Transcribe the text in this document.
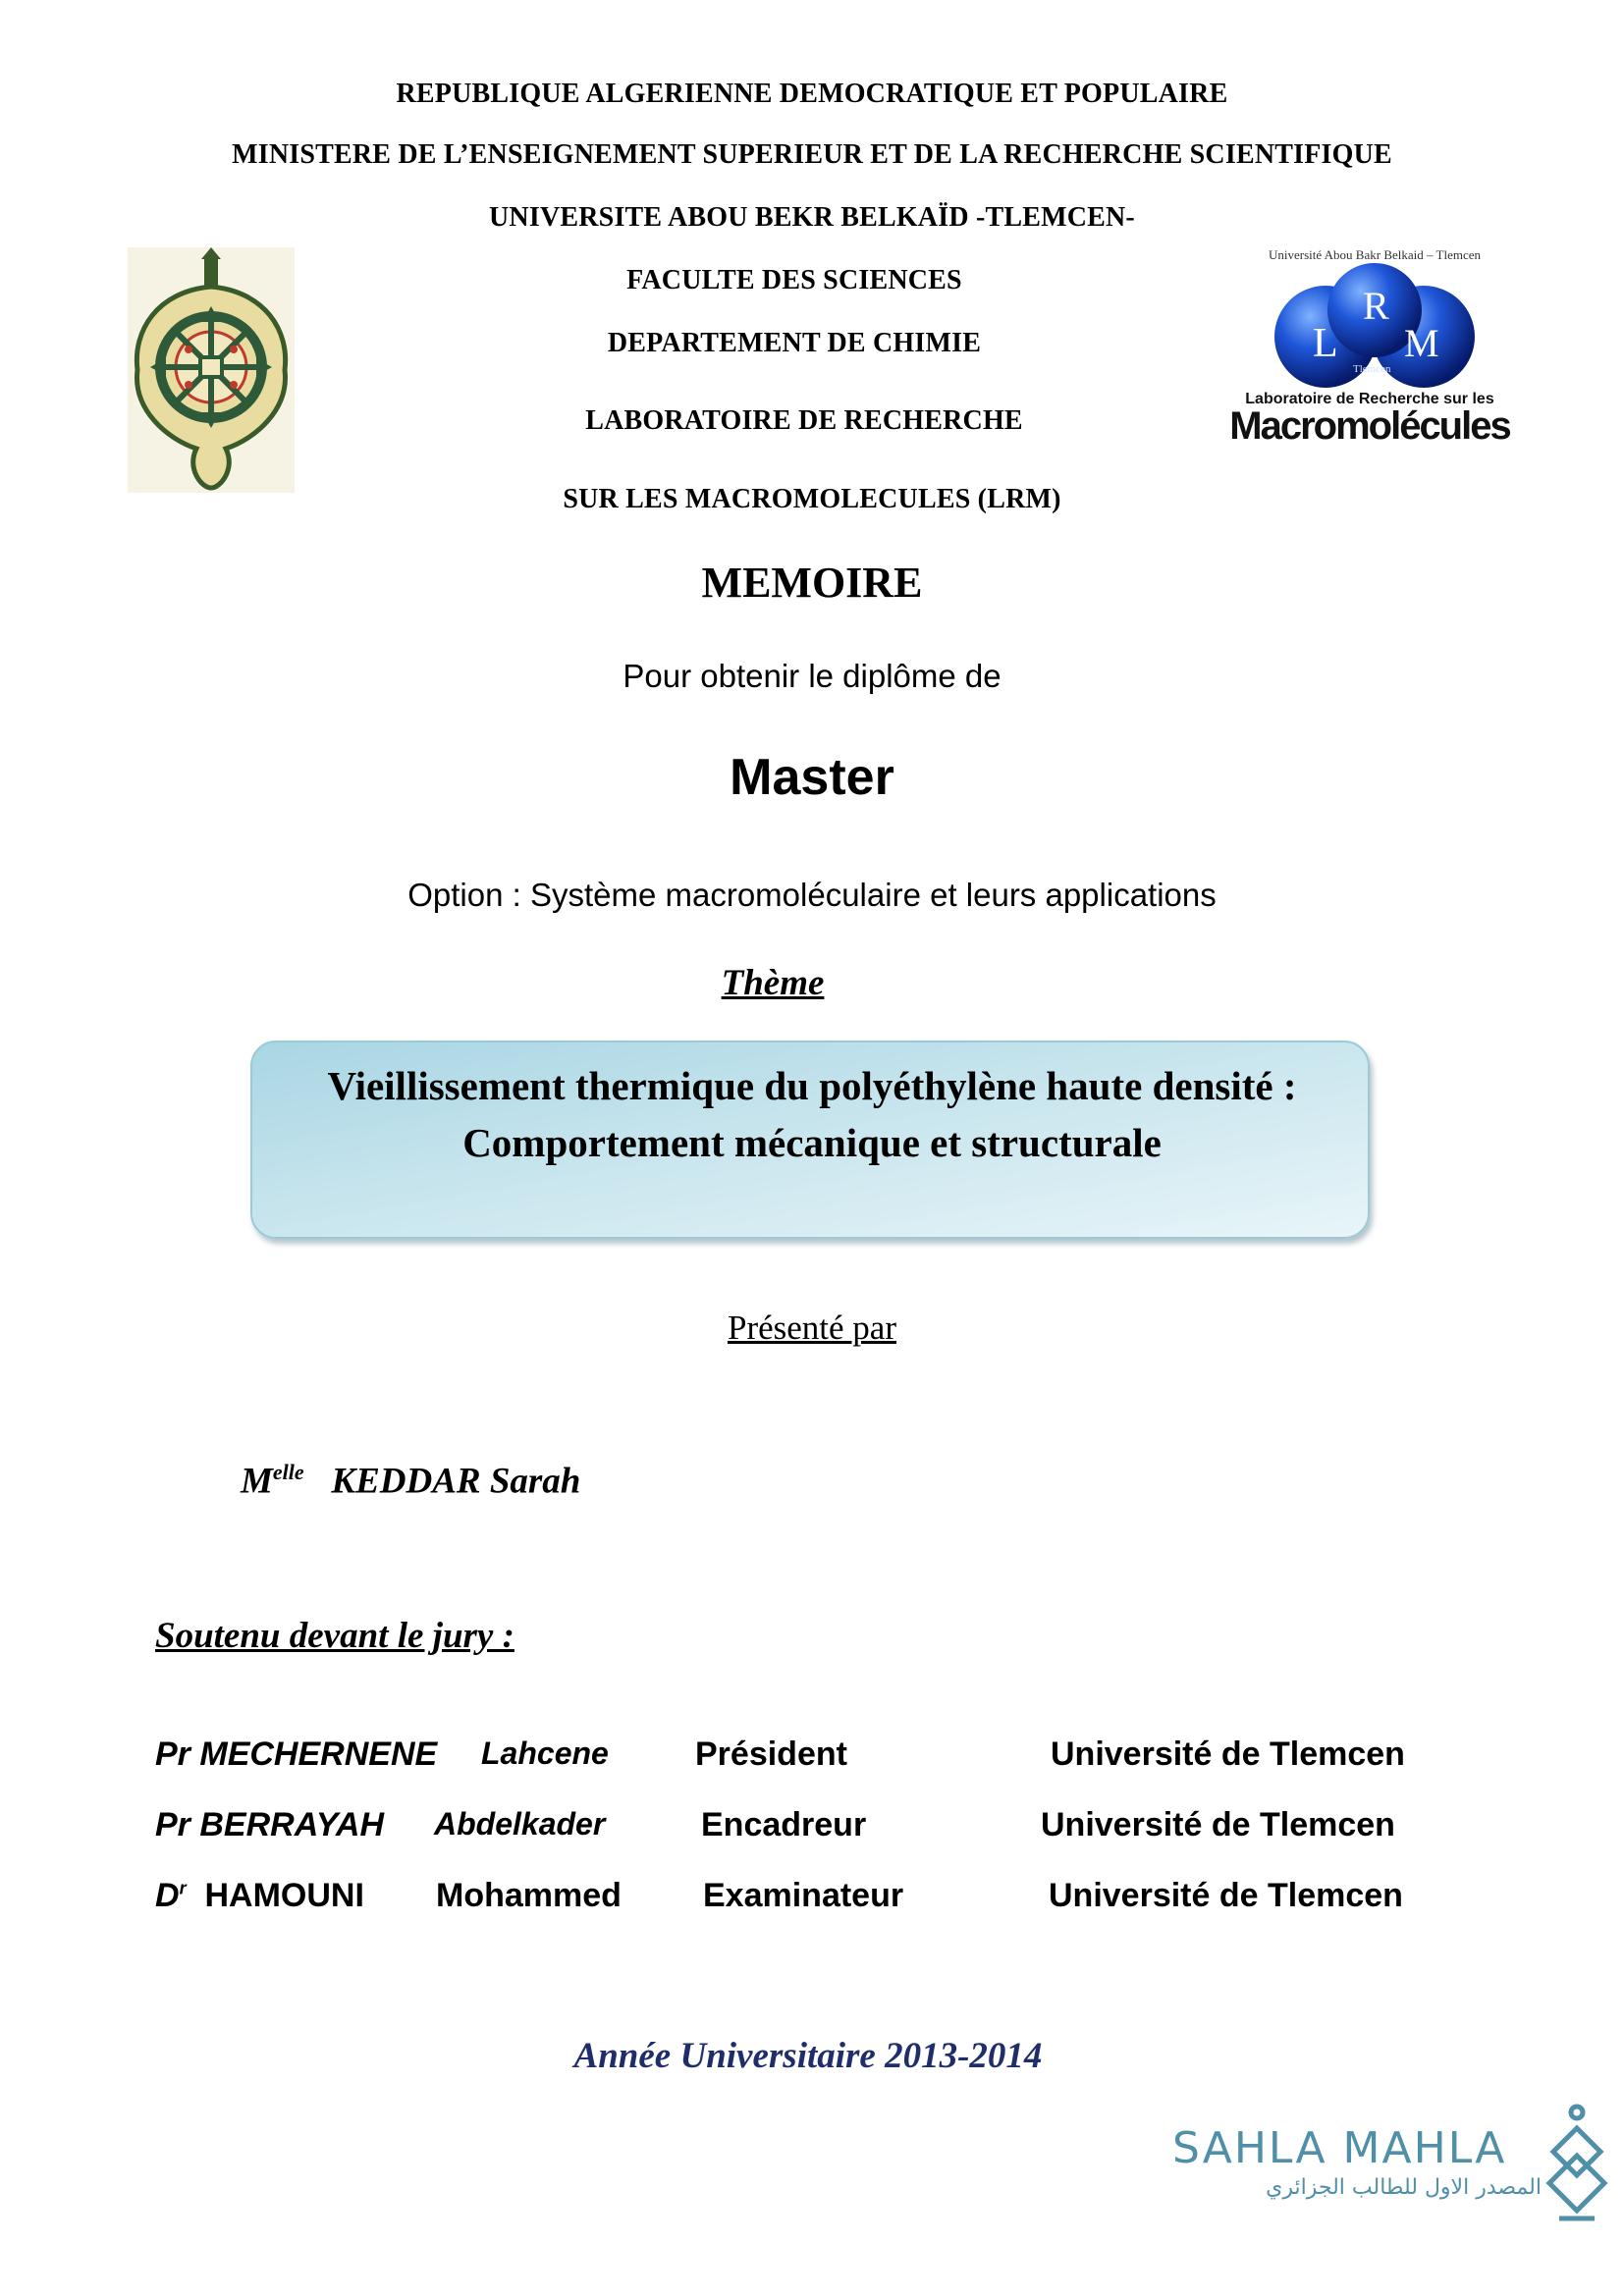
REPUBLIQUE ALGERIENNE DEMOCRATIQUE ET POPULAIRE
MINISTERE DE L’ENSEIGNEMENT SUPERIEUR ET DE LA RECHERCHE SCIENTIFIQUE
UNIVERSITE ABOU BEKR BELKAÏD -TLEMCEN-
FACULTE DES SCIENCES
DEPARTEMENT DE CHIMIE
LABORATOIRE DE RECHERCHE
SUR LES MACROMOLECULES (LRM)
Université Abou Bakr Belkaid – Tlemcen
L
R
M
Tlemcen
Laboratoire de Recherche sur les
Macromolécules
MEMOIRE
Pour obtenir le diplôme de
Master
Option : Système macromoléculaire et leurs applications
Thème
Vieillissement thermique du polyéthylène haute densité :
Comportement mécanique et structurale
Présenté par
$M^{elle}$ KEDDAR Sarah
Soutenu devant le jury :
Pr MECHERNENE Lahcene	Président	Université de Tlemcen
Pr BERRAYAH Abdelkader	Encadreur	Université de Tlemcen
$D^r$ HAMOUNI Mohammed Examinateur	Université de Tlemcen
Année Universitaire 2013-2014
SAHLA MAHLA
المصدر الاول للطالب الجزائري
